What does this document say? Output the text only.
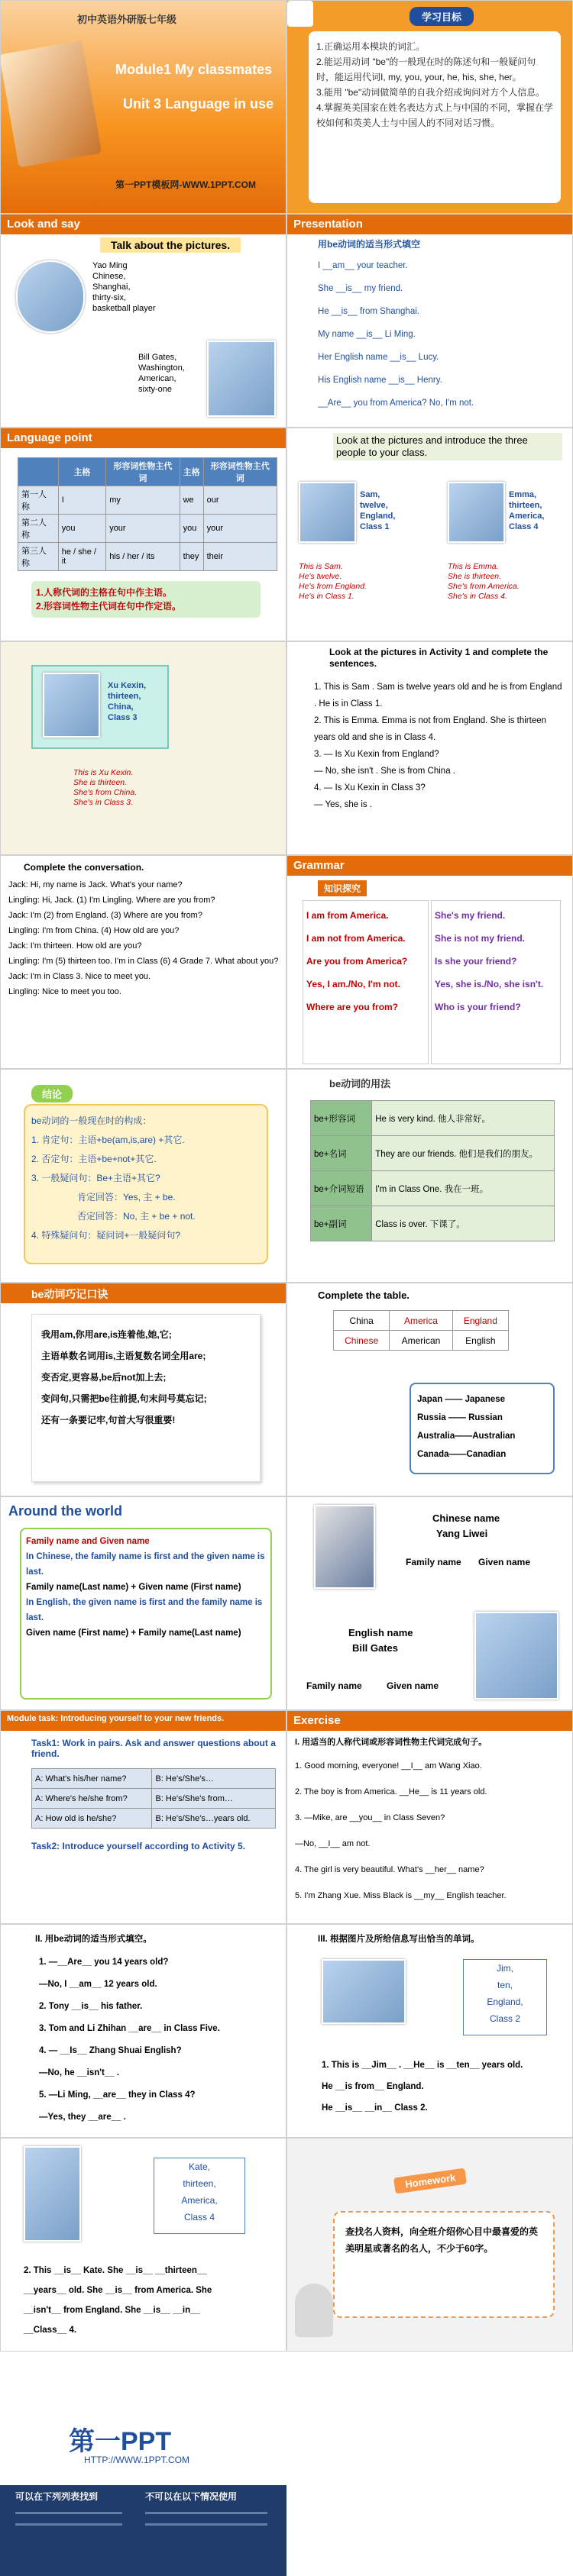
初中英语外研版七年级
Module1 My classmates
Unit 3 Language in use
第一PPT模板网-WWW.1PPT.COM
学习目标
1.正确运用本模块的词汇。
2.能运用动词 "be"的一般现在时的陈述句和一般疑问句时，能运用代词I, my, you, your, he, his, she, her。
3.能用 "be"动词做简单的自我介绍或询问对方个人信息。
4.掌握英美国家在姓名表达方式上与中国的不同，掌握在学校如何和英美人士与中国人的不同对话习惯。
Look and say
Talk about the pictures.
Yao Ming
Chinese,
Shanghai,
thirty-six,
basketball player
Bill Gates,
Washington,
American,
sixty-one
Presentation
用be动词的适当形式填空
I __am__ your teacher.
She __is__ my friend.
He __is__ from Shanghai.
My name __is__ Li Ming.
Her English name __is__ Lucy.
His English name __is__ Henry.
__Are__ you from America? No, I'm not.
Language point
	主格	形容词性物主代词	主格	形容词性物主代词
第一人称	I	my	we	our
第二人称	you	your	you	your
第三人称	he / she / it	his / her / its	they	their
1.人称代词的主格在句中作主语。
2.形容词性物主代词在句中作定语。
Look at the pictures and introduce the three people to your class.
Sam,
twelve,
England,
Class 1
This is Sam.
He's twelve.
He's from England.
He's in Class 1.
Emma,
thirteen,
America,
Class 4
This is Emma.
She is thirteen.
She's from America.
She's in Class 4.
Xu Kexin,
thirteen,
China,
Class 3
This is Xu Kexin.
She is thirteen.
She's from China.
She's in Class 3.
Look at the pictures in Activity 1 and complete the sentences.
1. This is Sam . Sam is twelve years old and he is from England . He is in Class 1.
2. This is Emma. Emma is not from England. She is thirteen years old and she is in Class 4.
3. — Is Xu Kexin from England?
— No, she isn't . She is from China .
4. — Is Xu Kexin in Class 3?
— Yes, she is .
Complete the conversation.
Jack: Hi, my name is Jack. What's your name?
Lingling: Hi, Jack. (1) I'm Lingling. Where are you from?
Jack: I'm (2) from England. (3) Where are you from?
Lingling: I'm from China. (4) How old are you?
Jack: I'm thirteen. How old are you?
Lingling: I'm (5) thirteen too. I'm in Class (6) 4 Grade 7. What about you?
Jack: I'm in Class 3. Nice to meet you.
Lingling: Nice to meet you too.
Grammar
知识探究
I am from America.
I am not from America.
Are you from America?
Yes, I am./No, I'm not.
Where are you from?
She's my friend.
She is not my friend.
Is she your friend?
Yes, she is./No, she isn't.
Who is your friend?
结论
be动词的一般现在时的构成：
1. 肯定句：主语+be(am,is,are) +其它.
2. 否定句：主语+be+not+其它.
3. 一般疑问句：Be+主语+其它?
肯定回答：Yes, 主 + be.
否定回答：No, 主 + be + not.
4. 特殊疑问句：疑问词+一般疑问句?
be动词的用法
be+形容词	He is very kind. 他人非常好。
be+名词	They are our friends. 他们是我们的朋友。
be+介词短语	I'm in Class One. 我在一班。
be+副词	Class is over. 下课了。
be动词巧记口诀
我用am,你用are,is连着他,她,它;
主语单数名词用is,主语复数名词全用are;
变否定,更容易,be后not加上去;
变问句,只需把be往前提,句末问号莫忘记;
还有一条要记牢,句首大写很重要!
Complete the table.
China	America	England
Chinese	American	English
Japan —— Japanese
Russia —— Russian
Australia——Australian
Canada——Canadian
Around the world
Family name and Given name
In Chinese, the family name is first and the given name is last.
Family name(Last name) + Given name (First name)
In English, the given name is first and the family name is last.
Given name (First name) + Family name(Last name)
Chinese name
Yang Liwei
Family name Given name
English name
Bill Gates
Family name	Given name
Module task: Introducing yourself to your new friends.
Task1: Work in pairs. Ask and answer questions about a friend.
A: What's his/her name?	B: He's/She's…
A: Where's he/she from?	B: He's/She's from…
A: How old is he/she?	B: He's/She's…years old.
Task2: Introduce yourself according to Activity 5.
Exercise
I. 用适当的人称代词或形容词性物主代词完成句子。
1. Good morning, everyone! __I__ am Wang Xiao.
2. The boy is from America. __He__ is 11 years old.
3. —Mike, are __you__ in Class Seven?
—No, __I__ am not.
4. The girl is very beautiful. What's __her__ name?
5. I'm Zhang Xue. Miss Black is __my__ English teacher.
II. 用be动词的适当形式填空。
1. —__Are__ you 14 years old?
—No, I __am__ 12 years old.
2. Tony __is__ his father.
3. Tom and Li Zhihan __are__ in Class Five.
4. — __Is__ Zhang Shuai English?
—No, he __isn't__ .
5. —Li Ming, __are__ they in Class 4?
—Yes, they __are__ .
III. 根据图片及所给信息写出恰当的单词。
Jim,
ten,
England,
Class 2
1. This is __Jim__ . __He__ is __ten__ years old.
He __is from__ England.
He __is__ __in__ Class 2.
Kate,
thirteen,
America,
Class 4
2. This __is__ Kate. She __is__ __thirteen__
__years__ old. She __is__ from America. She
__isn't__ from England. She __is__ __in__
__Class__ 4.
Homework
查找名人资料，向全班介绍你心目中最喜爱的英美明星或著名的名人，不少于60字。
第一PPT
HTTP://WWW.1PPT.COM
可以在下列列表找到	不可以在以下情况使用
